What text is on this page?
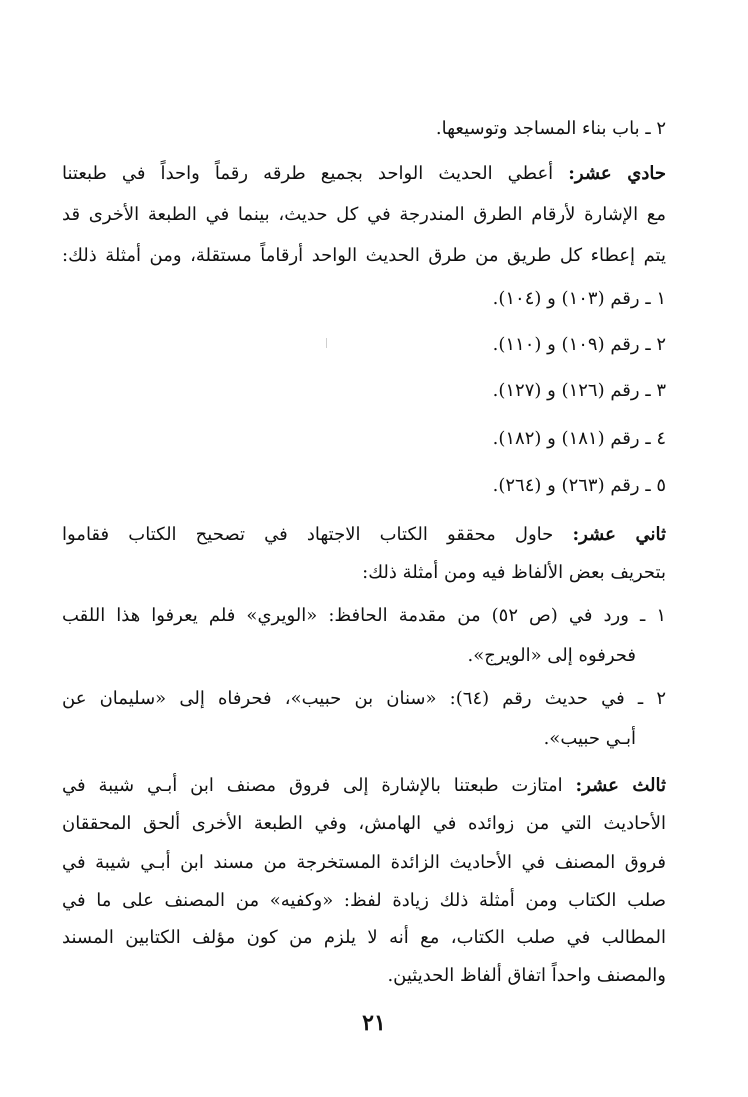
٢ ـ باب بناء المساجد وتوسيعها.
حادي عشر: أعطي الحديث الواحد بجميع طرقه رقماً واحداً في طبعتنا
مع الإشارة لأرقام الطرق المندرجة في كل حديث، بينما في الطبعة الأخرى قد
يتم إعطاء كل طريق من طرق الحديث الواحد أرقاماً مستقلة، ومن أمثلة ذلك:
١ ـ رقم (١٠٣) و (١٠٤).
٢ ـ رقم (١٠٩) و (١١٠).
٣ ـ رقم (١٢٦) و (١٢٧).
٤ ـ رقم (١٨١) و (١٨٢).
٥ ـ رقم (٢٦٣) و (٢٦٤).
ثاني عشر: حاول محققو الكتاب الاجتهاد في تصحيح الكتاب فقاموا
بتحريف بعض الألفاظ فيه ومن أمثلة ذلك:
١ ـ ورد في (ص ٥٢) من مقدمة الحافظ: «الويري» فلم يعرفوا هذا اللقب
فحرفوه إلى «الويرج».
٢ ـ في حديث رقم (٦٤): «سنان بن حبيب»، فحرفاه إلى «سليمان عن
أبـي حبيب».
ثالث عشر: امتازت طبعتنا بالإشارة إلى فروق مصنف ابن أبـي شيبة في
الأحاديث التي من زوائده في الهامش، وفي الطبعة الأخرى ألحق المحققان
فروق المصنف في الأحاديث الزائدة المستخرجة من مسند ابن أبـي شيبة في
صلب الكتاب ومن أمثلة ذلك زيادة لفظ: «وكفيه» من المصنف على ما في
المطالب في صلب الكتاب، مع أنه لا يلزم من كون مؤلف الكتابين المسند
والمصنف واحداً اتفاق ألفاظ الحديثين.
٢١
